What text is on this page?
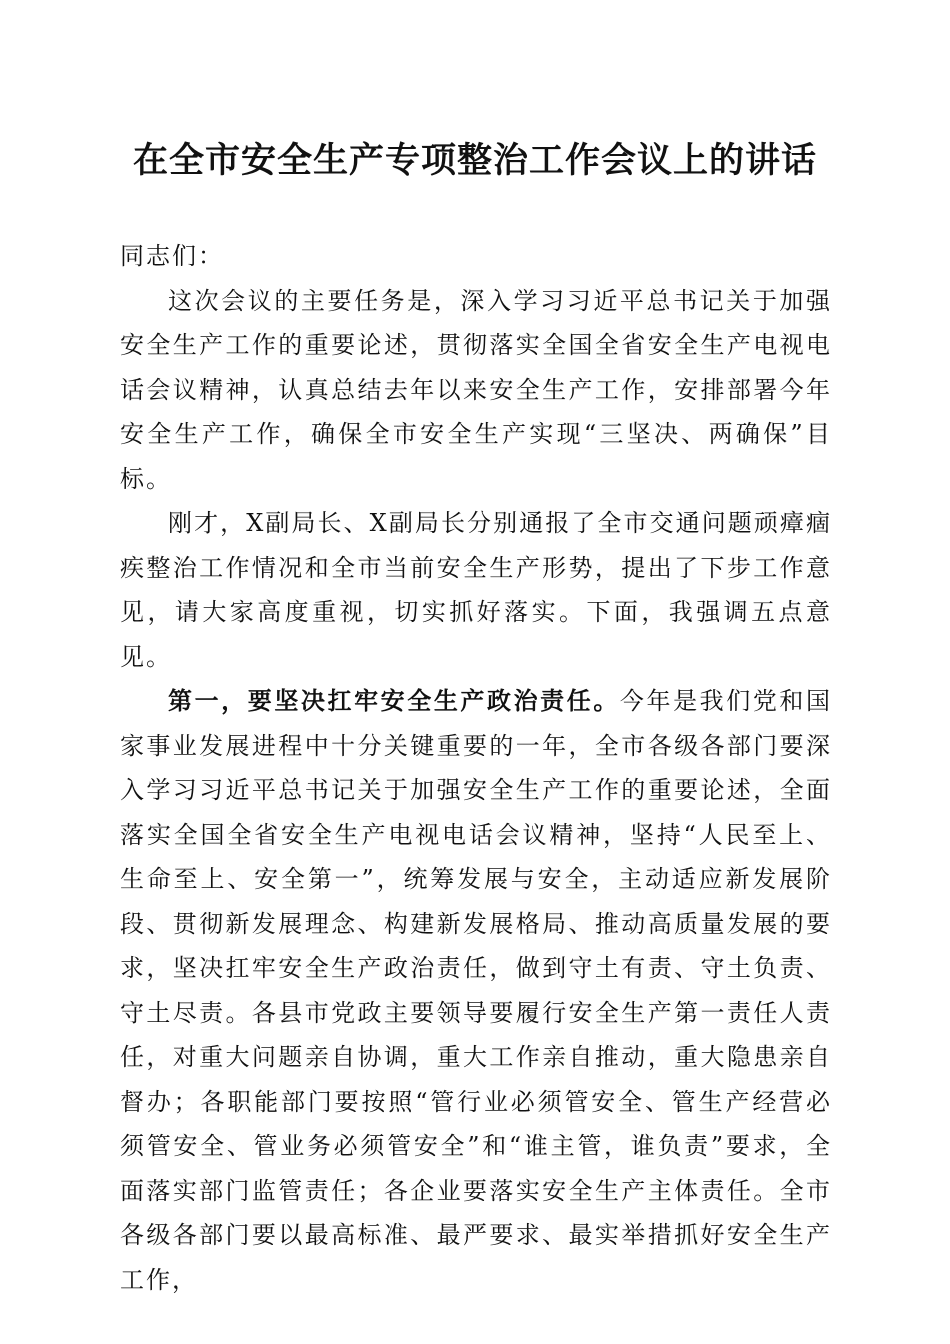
在全市安全生产专项整治工作会议上的讲话

同志们：

这次会议的主要任务是，深入学习习近平总书记关于加强安全生产工作的重要论述，贯彻落实全国全省安全生产电视电话会议精神，认真总结去年以来安全生产工作，安排部署今年安全生产工作，确保全市安全生产实现“三坚决、两确保”目标。

刚才，X副局长、X副局长分别通报了全市交通问题顽瘴痼疾整治工作情况和全市当前安全生产形势，提出了下步工作意见，请大家高度重视，切实抓好落实。下面，我强调五点意见。

第一，要坚决扛牢安全生产政治责任。今年是我们党和国家事业发展进程中十分关键重要的一年，全市各级各部门要深入学习习近平总书记关于加强安全生产工作的重要论述，全面落实全国全省安全生产电视电话会议精神，坚持“人民至上、生命至上、安全第一”，统筹发展与安全，主动适应新发展阶段、贯彻新发展理念、构建新发展格局、推动高质量发展的要求，坚决扛牢安全生产政治责任，做到守土有责、守土负责、守土尽责。各县市党政主要领导要履行安全生产第一责任人责任，对重大问题亲自协调，重大工作亲自推动，重大隐患亲自督办；各职能部门要按照“管行业必须管安全、管生产经营必须管安全、管业务必须管安全”和“谁主管，谁负责”要求，全面落实部门监管责任；各企业要落实安全生产主体责任。全市各级各部门要以最高标准、最严要求、最实举措抓好安全生产工作，
